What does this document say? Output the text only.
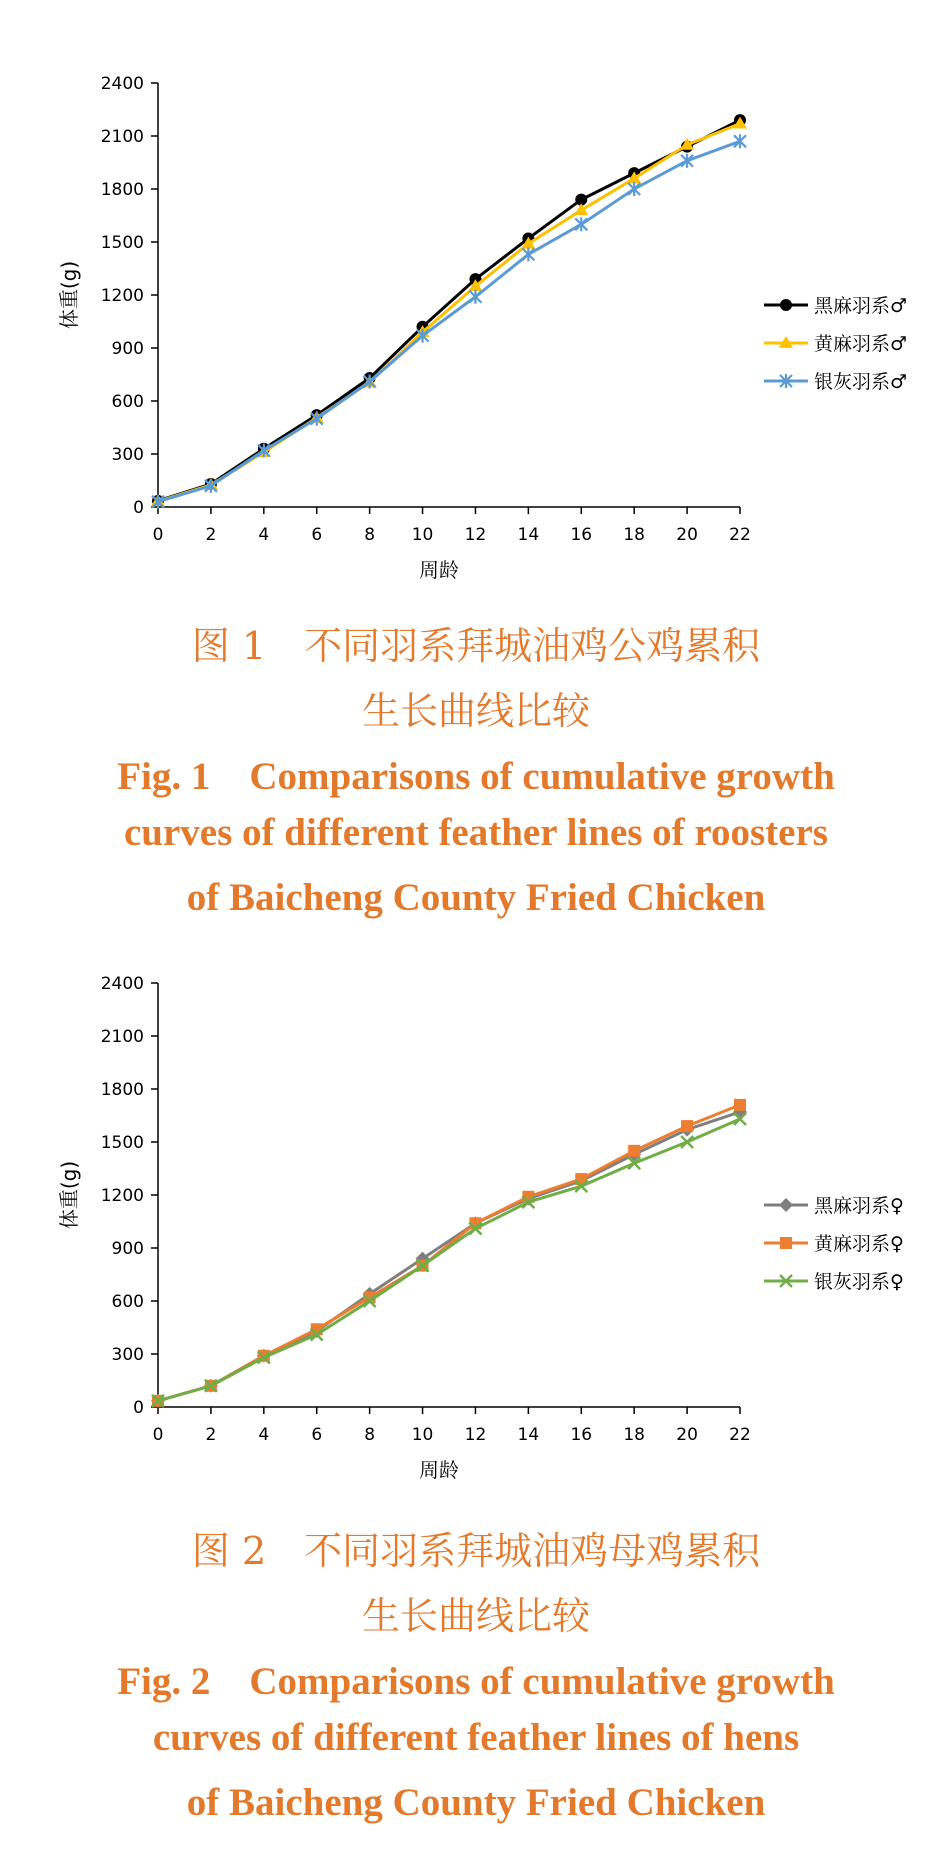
0
300
600
900
1200
1500
1800
2100
2400
0 2 4 6 8 10 12 14 16 18 20 22
周龄
体重(g)	黑麻羽系♂
黄麻羽系♂
银灰羽系♂
图 1　不同羽系拜城油鸡公鸡累积
生长曲线比较
Fig. 1　Comparisons of cumulative growth
curves of different feather lines of roosters
of Baicheng County Fried Chicken
0
300
600
900
1200
1500
1800
2100
2400
0 2 4 6 8 10 12 14 16 18 20 22
周龄
体重(g)	黑麻羽系♀
黄麻羽系♀
银灰羽系♀
图 2　不同羽系拜城油鸡母鸡累积
生长曲线比较
Fig. 2　Comparisons of cumulative growth
curves of different feather lines of hens
of Baicheng County Fried Chicken
